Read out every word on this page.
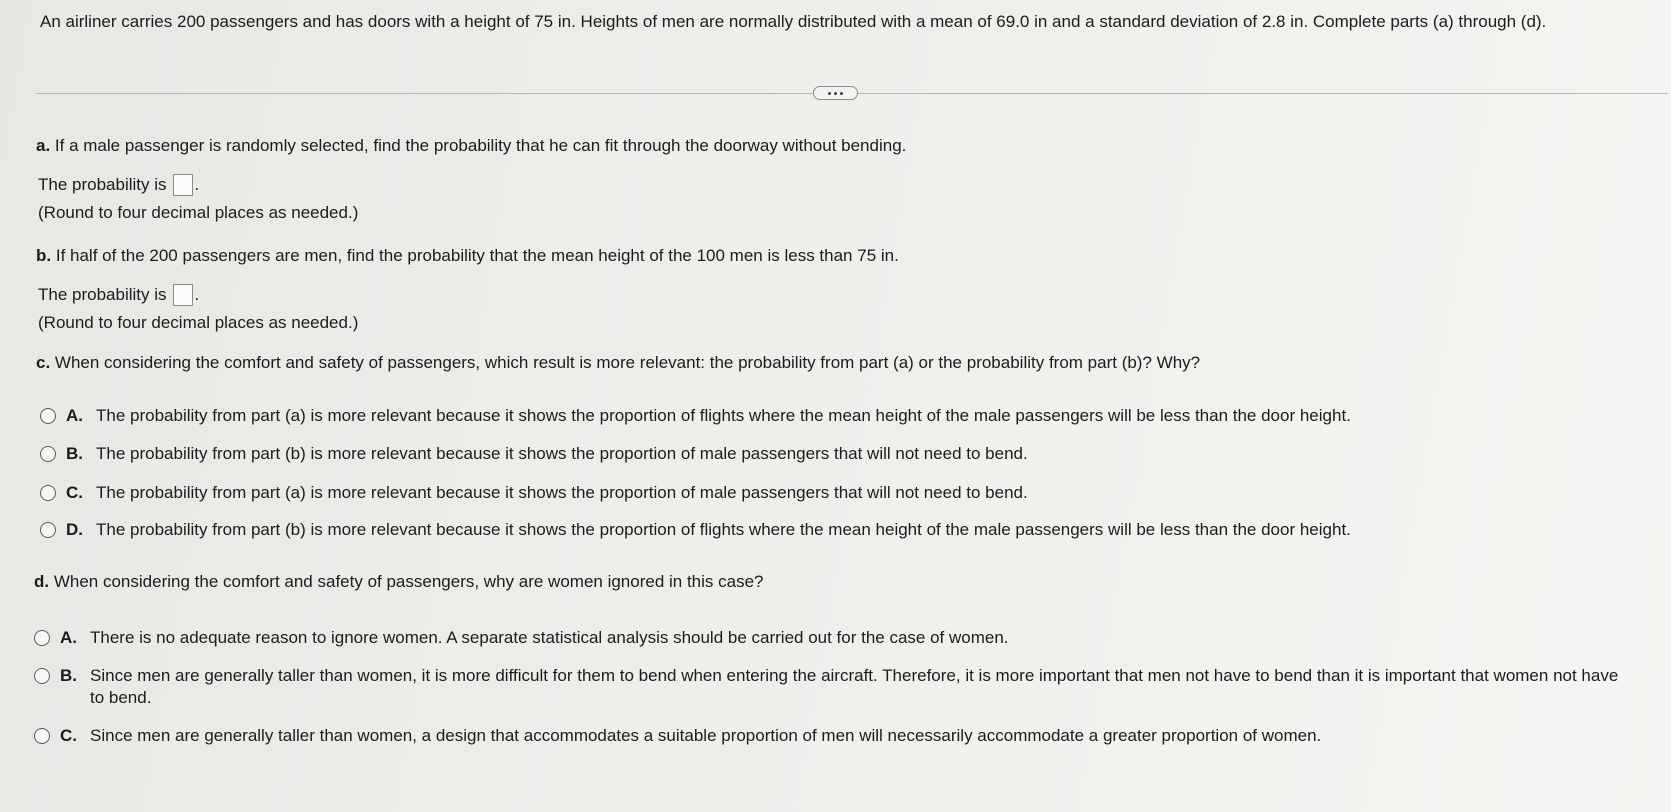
An airliner carries 200 passengers and has doors with a height of 75 in. Heights of men are normally distributed with a mean of 69.0 in and a standard deviation of 2.8 in. Complete parts (a) through (d).
a. If a male passenger is randomly selected, find the probability that he can fit through the doorway without bending.
The probability is .
(Round to four decimal places as needed.)
b. If half of the 200 passengers are men, find the probability that the mean height of the 100 men is less than 75 in.
The probability is .
(Round to four decimal places as needed.)
c. When considering the comfort and safety of passengers, which result is more relevant: the probability from part (a) or the probability from part (b)? Why?
A. The probability from part (a) is more relevant because it shows the proportion of flights where the mean height of the male passengers will be less than the door height.
B. The probability from part (b) is more relevant because it shows the proportion of male passengers that will not need to bend.
C. The probability from part (a) is more relevant because it shows the proportion of male passengers that will not need to bend.
D. The probability from part (b) is more relevant because it shows the proportion of flights where the mean height of the male passengers will be less than the door height.
d. When considering the comfort and safety of passengers, why are women ignored in this case?
A. There is no adequate reason to ignore women. A separate statistical analysis should be carried out for the case of women.
B. Since men are generally taller than women, it is more difficult for them to bend when entering the aircraft. Therefore, it is more important that men not have to bend than it is important that women not have to bend.
C. Since men are generally taller than women, a design that accommodates a suitable proportion of men will necessarily accommodate a greater proportion of women.
